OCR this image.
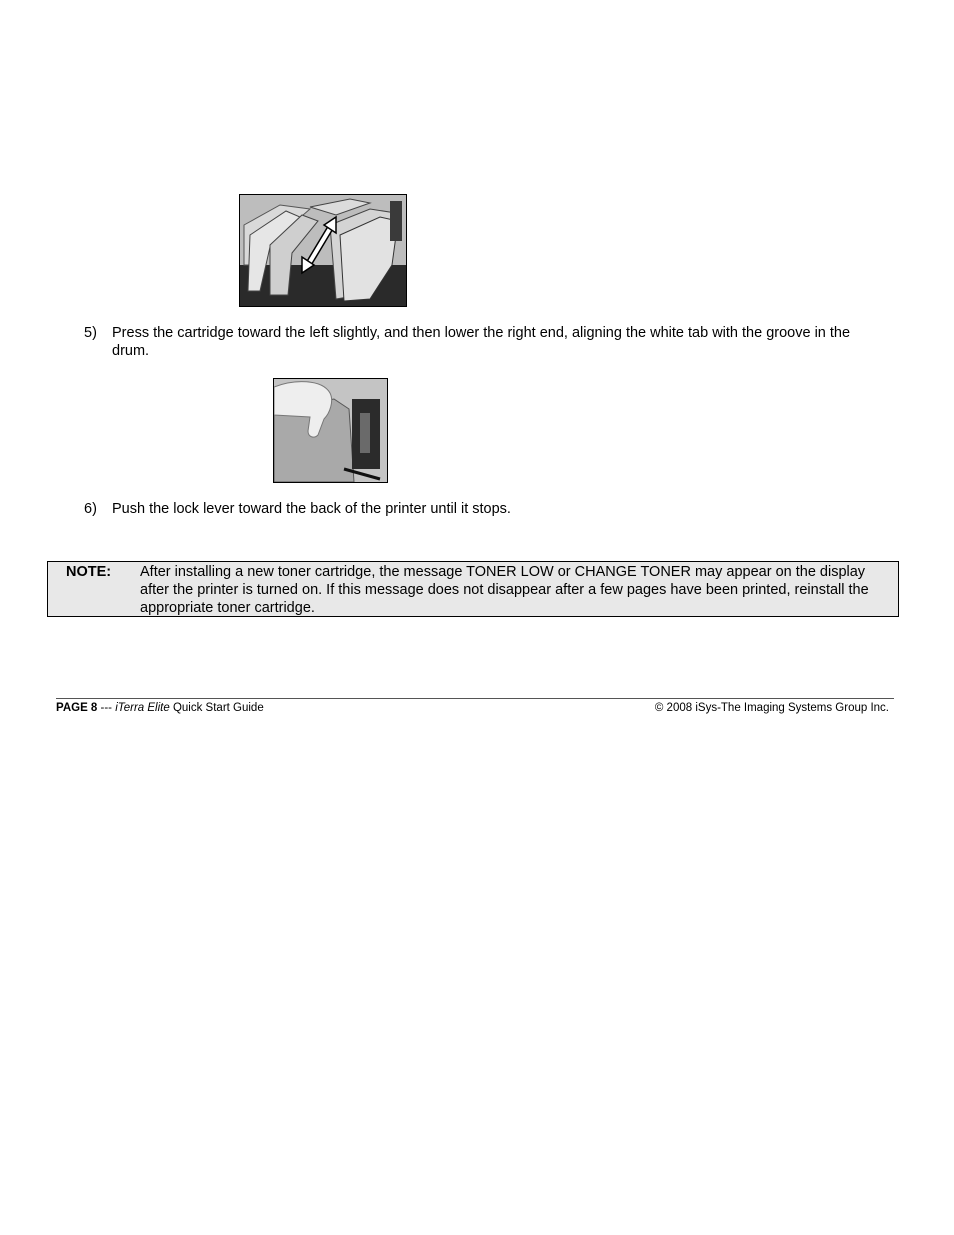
5) Press the cartridge toward the left slightly, and then lower the right end, aligning the white tab with the groove in the drum.
6) Push the lock lever toward the back of the printer until it stops.
NOTE: After installing a new toner cartridge, the message TONER LOW or CHANGE TONER may appear on the display after the printer is turned on. If this message does not disappear after a few pages have been printed, reinstall the appropriate toner cartridge.
PAGE 8 --- iTerra Elite Quick Start Guide	© 2008 iSys-The Imaging Systems Group Inc.
